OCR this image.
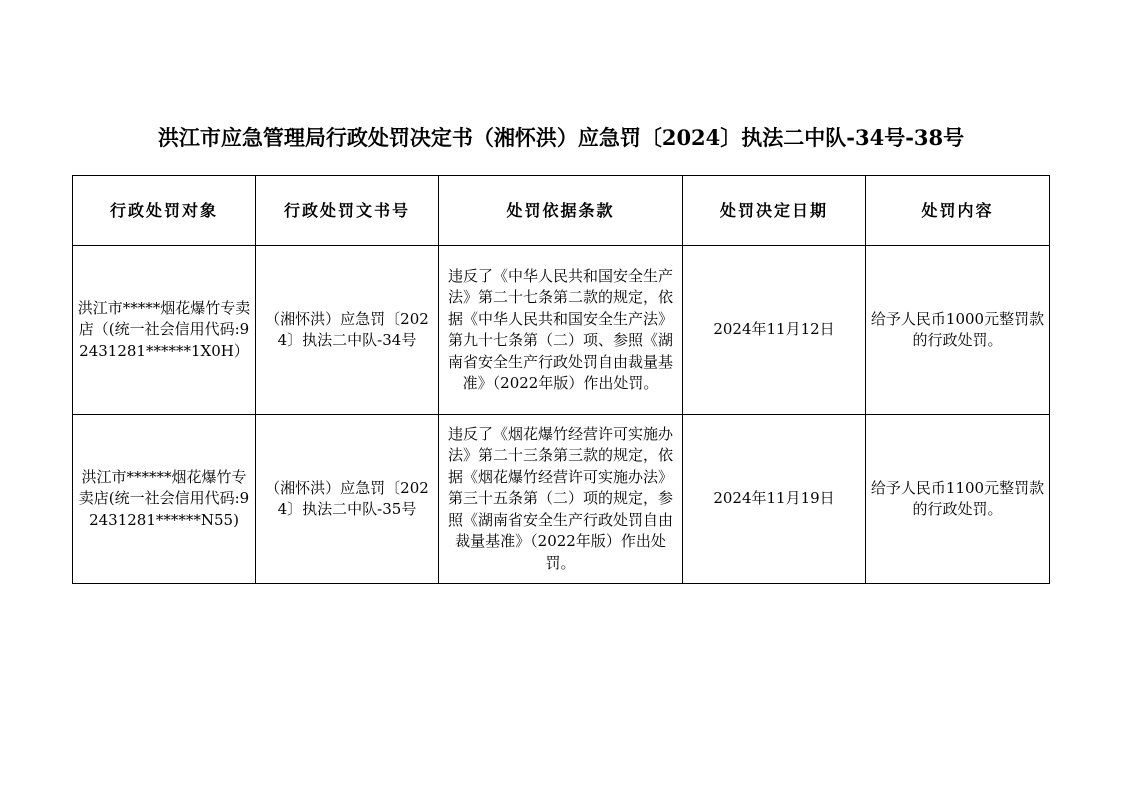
洪江市应急管理局行政处罚决定书（湘怀洪）应急罚〔2024〕执法二中队-34号-38号
行政处罚对象	行政处罚文书号	处罚依据条款	处罚决定日期	处罚内容

洪江市*****烟花爆竹专卖店（(统一社会信用代码:92431281******1X0H）	（湘怀洪）应急罚〔2024〕执法二中队-34号	违反了《中华人民共和国安全生产法》第二十七条第二款的规定，依据《中华人民共和国安全生产法》第九十七条第（二）项、参照《湖南省安全生产行政处罚自由裁量基准》（2022年版）作出处罚。	2024年11月12日	给予人民币1000元整罚款的行政处罚。

洪江市******烟花爆竹专卖店(统一社会信用代码:92431281******N55)	（湘怀洪）应急罚〔2024〕执法二中队-35号	违反了《烟花爆竹经营许可实施办法》第二十三条第三款的规定，依据《烟花爆竹经营许可实施办法》第三十五条第（二）项的规定，参照《湖南省安全生产行政处罚自由裁量基准》（2022年版）作出处罚。	2024年11月19日	给予人民币1100元整罚款的行政处罚。
